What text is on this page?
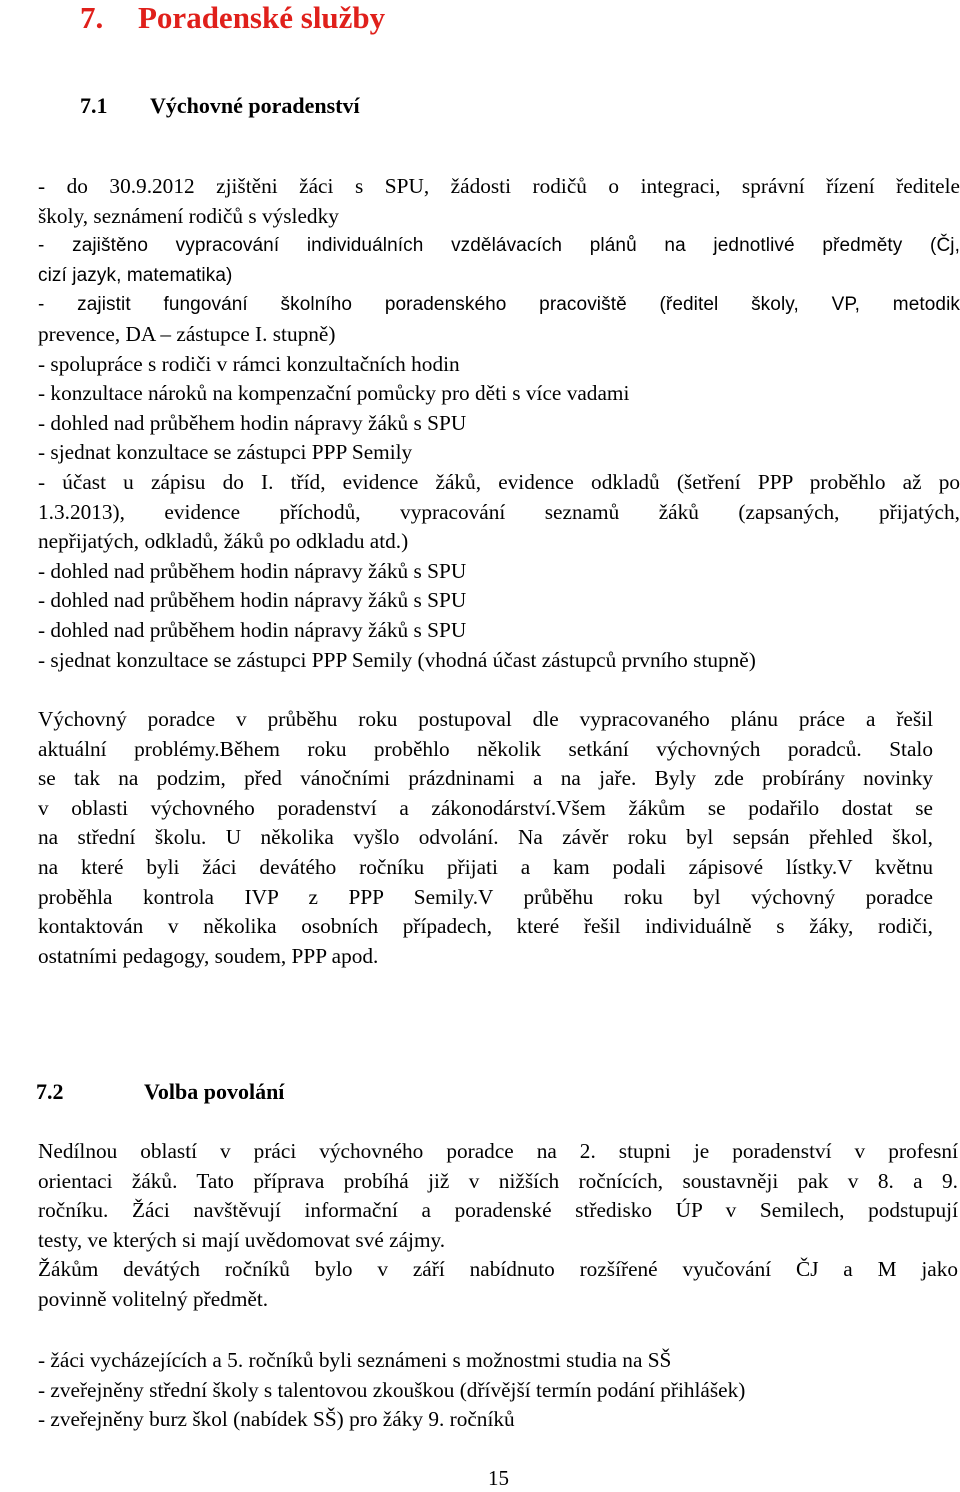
7. Poradenské služby
7.1 Výchovné poradenství
- do 30.9.2012 zjištěni žáci s SPU, žádosti rodičů o integraci, správní řízení ředitele
školy, seznámení rodičů s výsledky
- zajištěno vypracování individuálních vzdělávacích plánů na jednotlivé předměty (Čj,
cizí jazyk, matematika)
- zajistit fungování školního poradenského pracoviště (ředitel školy, VP, metodik
prevence, DA – zástupce I. stupně)
- spolupráce s rodiči v rámci konzultačních hodin
- konzultace nároků na kompenzační pomůcky pro děti s více vadami
- dohled nad průběhem hodin nápravy žáků s SPU
- sjednat konzultace se zástupci PPP Semily
- účast u zápisu do I. tříd, evidence žáků, evidence odkladů (šetření PPP proběhlo až po
1.3.2013), evidence příchodů, vypracování seznamů žáků (zapsaných, přijatých,
nepřijatých, odkladů, žáků po odkladu atd.)
- dohled nad průběhem hodin nápravy žáků s SPU
- dohled nad průběhem hodin nápravy žáků s SPU
- dohled nad průběhem hodin nápravy žáků s SPU
- sjednat konzultace se zástupci PPP Semily (vhodná účast zástupců prvního stupně)
Výchovný poradce v průběhu roku postupoval dle vypracovaného plánu práce a řešil
aktuální problémy.Během roku proběhlo několik setkání výchovných poradců. Stalo
se tak na podzim, před vánočními prázdninami a na jaře. Byly zde probírány novinky
v oblasti výchovného poradenství a zákonodárství.Všem žákům se podařilo dostat se
na střední školu. U několika vyšlo odvolání. Na závěr roku byl sepsán přehled škol,
na které byli žáci devátého ročníku přijati a kam podali zápisové lístky.V květnu
proběhla kontrola IVP z PPP Semily.V průběhu roku byl výchovný poradce
kontaktován v několika osobních případech, které řešil individuálně s žáky, rodiči,
ostatními pedagogy, soudem, PPP apod.
7.2	Volba povolání
Nedílnou oblastí v práci výchovného poradce na 2. stupni je poradenství v profesní
orientaci žáků. Tato příprava probíhá již v nižších ročnících, soustavněji pak v 8. a 9.
ročníku. Žáci navštěvují informační a poradenské středisko ÚP v Semilech, podstupují
testy, ve kterých si mají uvědomovat své zájmy.
Žákům devátých ročníků bylo v září nabídnuto rozšířené vyučování ČJ a M jako
povinně volitelný předmět.
- žáci vycházejících a 5. ročníků byli seznámeni s možnostmi studia na SŠ
- zveřejněny střední školy s talentovou zkouškou (dřívější termín podání přihlášek)
- zveřejněny burz škol (nabídek SŠ) pro žáky 9. ročníků
15
